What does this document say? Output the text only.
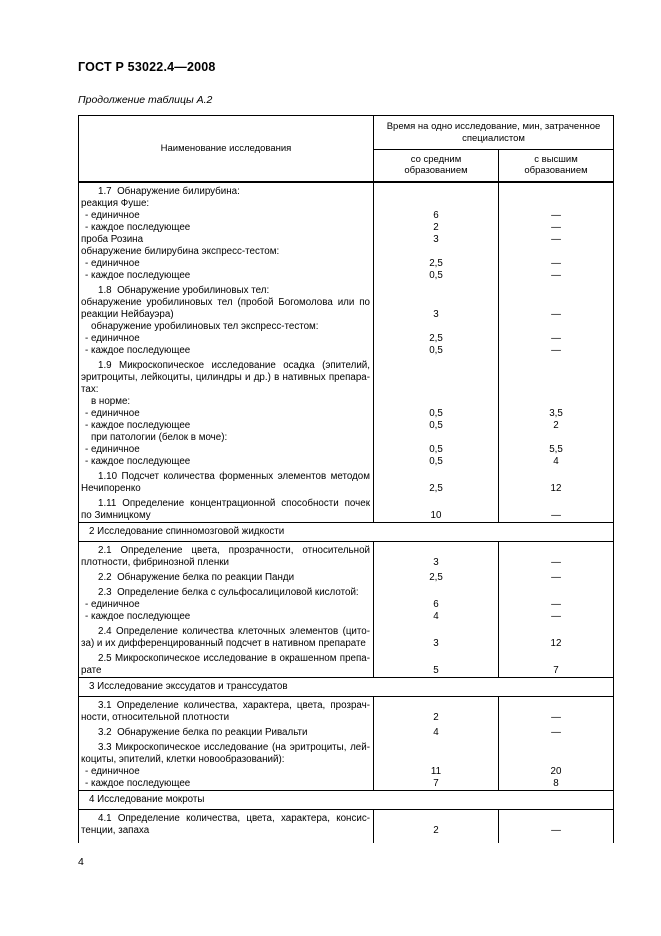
ГОСТ Р 53022.4—2008
Продолжение таблицы А.2
Наименование исследования	Время на одно исследование, мин, затраченное специалистом	
	со средним образованием	с высшим образованием

1.7  Обнаружение билирубина:		

реакция Фуше:		

- единичное	6	—

- каждое последующее	2	—

проба Розина	3	—

обнаружение билирубина экспресс-тестом:		

- единичное	2,5	—

- каждое последующее	0,5	—

1.8  Обнаружение уробилиновых тел:		

обнаружение уробилиновых тел (пробой Богомолова или по
реакции Нейбауэра)	3	—

обнаружение уробилиновых тел экспресс-тестом:		

- единичное	2,5	—

- каждое последующее	0,5	—

1.9 Микроскопическое исследование осадка (эпителий,
эритроциты, лейкоциты, цилиндры и др.) в нативных препара-
тах:		

в норме:		

- единичное	0,5	3,5

- каждое последующее	0,5	2

при патологии (белок в моче):		

- единичное	0,5	5,5

- каждое последующее	0,5	4

1.10 Подсчет количества форменных элементов методом
Нечипоренко	2,5	12

1.11 Определение концентрационной способности почек
по Зимницкому	10	—
2 Исследование спинномозговой жидкости		

2.1 Определение цвета, прозрачности, относительной
плотности, фибринозной пленки	3	—

2.2  Обнаружение белка по реакции Панди	2,5	—

2.3  Определение белка с сульфосалициловой кислотой:		

- единичное	6	—

- каждое последующее	4	—

2.4 Определение количества клеточных элементов (цито-
за) и их дифференцированный подсчет в нативном препарате	3	12

2.5 Микроскопическое исследование в окрашенном препа-
рате	5	7
3 Исследование экссудатов и транссудатов		

3.1 Определение количества, характера, цвета, прозрач-
ности, относительной плотности	2	—

3.2  Обнаружение белка по реакции Ривальти	4	—

3.3 Микроскопическое исследование (на эритроциты, лей-
коциты, эпителий, клетки новообразований):		

- единичное	11	20

- каждое последующее	7	8
4 Исследование мокроты		

4.1 Определение количества, цвета, характера, консис-
тенции, запаха	2	—

4
